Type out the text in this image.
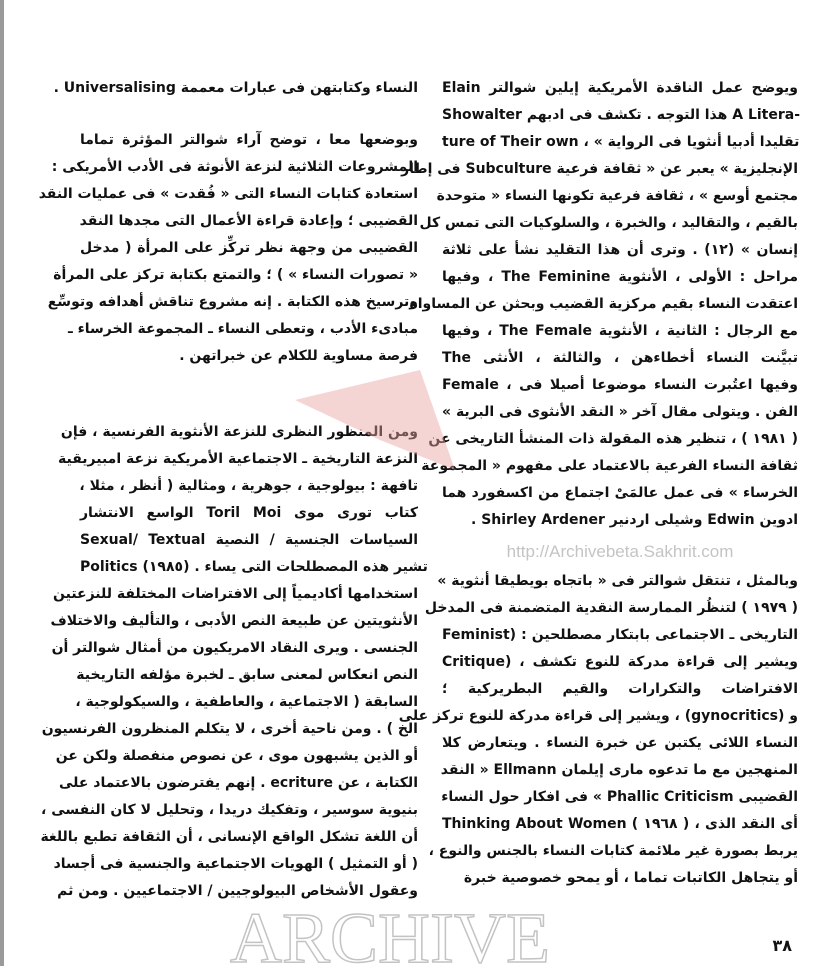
النساء وكتابتهن فى عبارات معممة Universalising .
وبوضعها معا ، توضح آراء شوالتر المؤثرة تماما
المشروعات الثلاثية لنزعة الأنوثة فى الأدب الأمريكى :
استعادة كتابات النساء التى « فُقدت » فى عمليات النقد
القضيبى ؛ وإعادة قراءة الأعمال التى مجدها النقد
القضيبى من وجهة نظر تركِّز على المرأة ( مدخل
« تصورات النساء » ) ؛ والتمتع بكتابة تركز على المرأة
وترسيخ هذه الكتابة . إنه مشروع تناقش أهدافه وتوسِّع
مبادىء الأدب ، وتعطى النساء ـ المجموعة الخرساء ـ
فرصة مساوية للكلام عن خبراتهن .
ومن المنظور النظرى للنزعة الأنثوية الفرنسية ، فإن
النزعة التاريخية ـ الاجتماعية الأمريكية نزعة امبيريقية
تافهة : بيولوجية ، جوهرية ، ومثالية ( أنظر ، مثلا ،
كتاب تورى موى Toril Moi الواسع الانتشار
السياسات الجنسية / النصية Sexual/ Textual
Politics (١٩٨٥) . تشير هذه المصطلحات التى يساء
استخدامها أكاديمياً إلى الافتراضات المختلفة للنزعتين
الأنثويتين عن طبيعة النص الأدبى ، والتأليف والاختلاف
الجنسى . ويرى النقاد الامريكيون من أمثال شوالتر أن
النص انعكاس لمعنى سابق ـ لخبرة مؤلفه التاريخية
السابقة ( الاجتماعية ، والعاطفية ، والسيكولوجية ،
الخ ) . ومن ناحية أخرى ، لا يتكلم المنظرون الفرنسيون
أو الذين يشبهون موى ، عن نصوص منفصلة ولكن عن
الكتابة ، عن ecriture . إنهم يفترضون بالاعتماد على
بنيوية سوسير ، وتفكيك دريدا ، وتحليل لا كان النفسى ،
أن اللغة تشكل الواقع الإنسانى ، أن الثقافة تطبع باللغة
( أو التمثيل ) الهويات الاجتماعية والجنسية فى أجساد
وعقول الأشخاص البيولوجيين / الاجتماعيين . ومن ثم
ويوضح عمل الناقدة الأمريكية إيلين شوالتر Elain
Showalter هذا التوجه . تكشف فى ادبهم A Litera-
ture of Their own ، « تقليدا أدبيا أنثويا فى الرواية
الإنجليزية » يعبر عن « ثقافة فرعية Subculture فى إطار
مجتمع أوسع » ، ثقافة فرعية تكونها النساء « متوحدة
بالقيم ، والتقاليد ، والخبرة ، والسلوكيات التى تمس كل
إنسان » (١٢) . وترى أن هذا التقليد نشأ على ثلاثة
مراحل : الأولى ، الأنثوية The Feminine ، وفيها
اعتقدت النساء بقيم مركزية القضيب وبحثن عن المساواة
مع الرجال : الثانية ، الأنثوية The Female ، وفيها
تبيَّنت النساء أخطاءهن ، والثالثة ، الأنثى The
Female ، وفيها اعتُبرت النساء موضوعا أصيلا فى
الفن . ويتولى مقال آخر « النقد الأنثوى فى البرية »
( ١٩٨١ ) ، تنظير هذه المقولة ذات المنشأ التاريخى عن
ثقافة النساء الفرعية بالاعتماد على مفهوم « المجموعة
الخرساء » فى عمل عالمَىْ اجتماع من اكسفورد هما
ادوين Edwin وشيلى اردنير Shirley Ardener .
وبالمثل ، تنتقل شوالتر فى « باتجاه بويطيقا أنثوية »
( ١٩٧٩ ) لتنظُر الممارسة النقدية المتضمنة فى المدخل
التاريخى ـ الاجتماعى بابتكار مصطلحين : (Feminist
Critique) ، ويشير إلى قراءة مدركة للنوع تكشف
الافتراضات والتكرارات والقيم البطريركية ؛
و (gynocritics) ، ويشير إلى قراءة مدركة للنوع تركز على
النساء اللائى يكتبن عن خبرة النساء . ويتعارض كلا
المنهجين مع ما تدعوه مارى إيلمان Ellmann « النقد
القضيبى Phallic Criticism » فى افكار حول النساء
Thinking About Women ( ١٩٦٨ ) ، أى النقد الذى
يربط بصورة غير ملائمة كتابات النساء بالجنس والنوع ،
أو يتجاهل الكاتبات تماما ، أو يمحو خصوصية خبرة
٣٨
ARCHIVE
http://Archivebeta.Sakhrit.com
